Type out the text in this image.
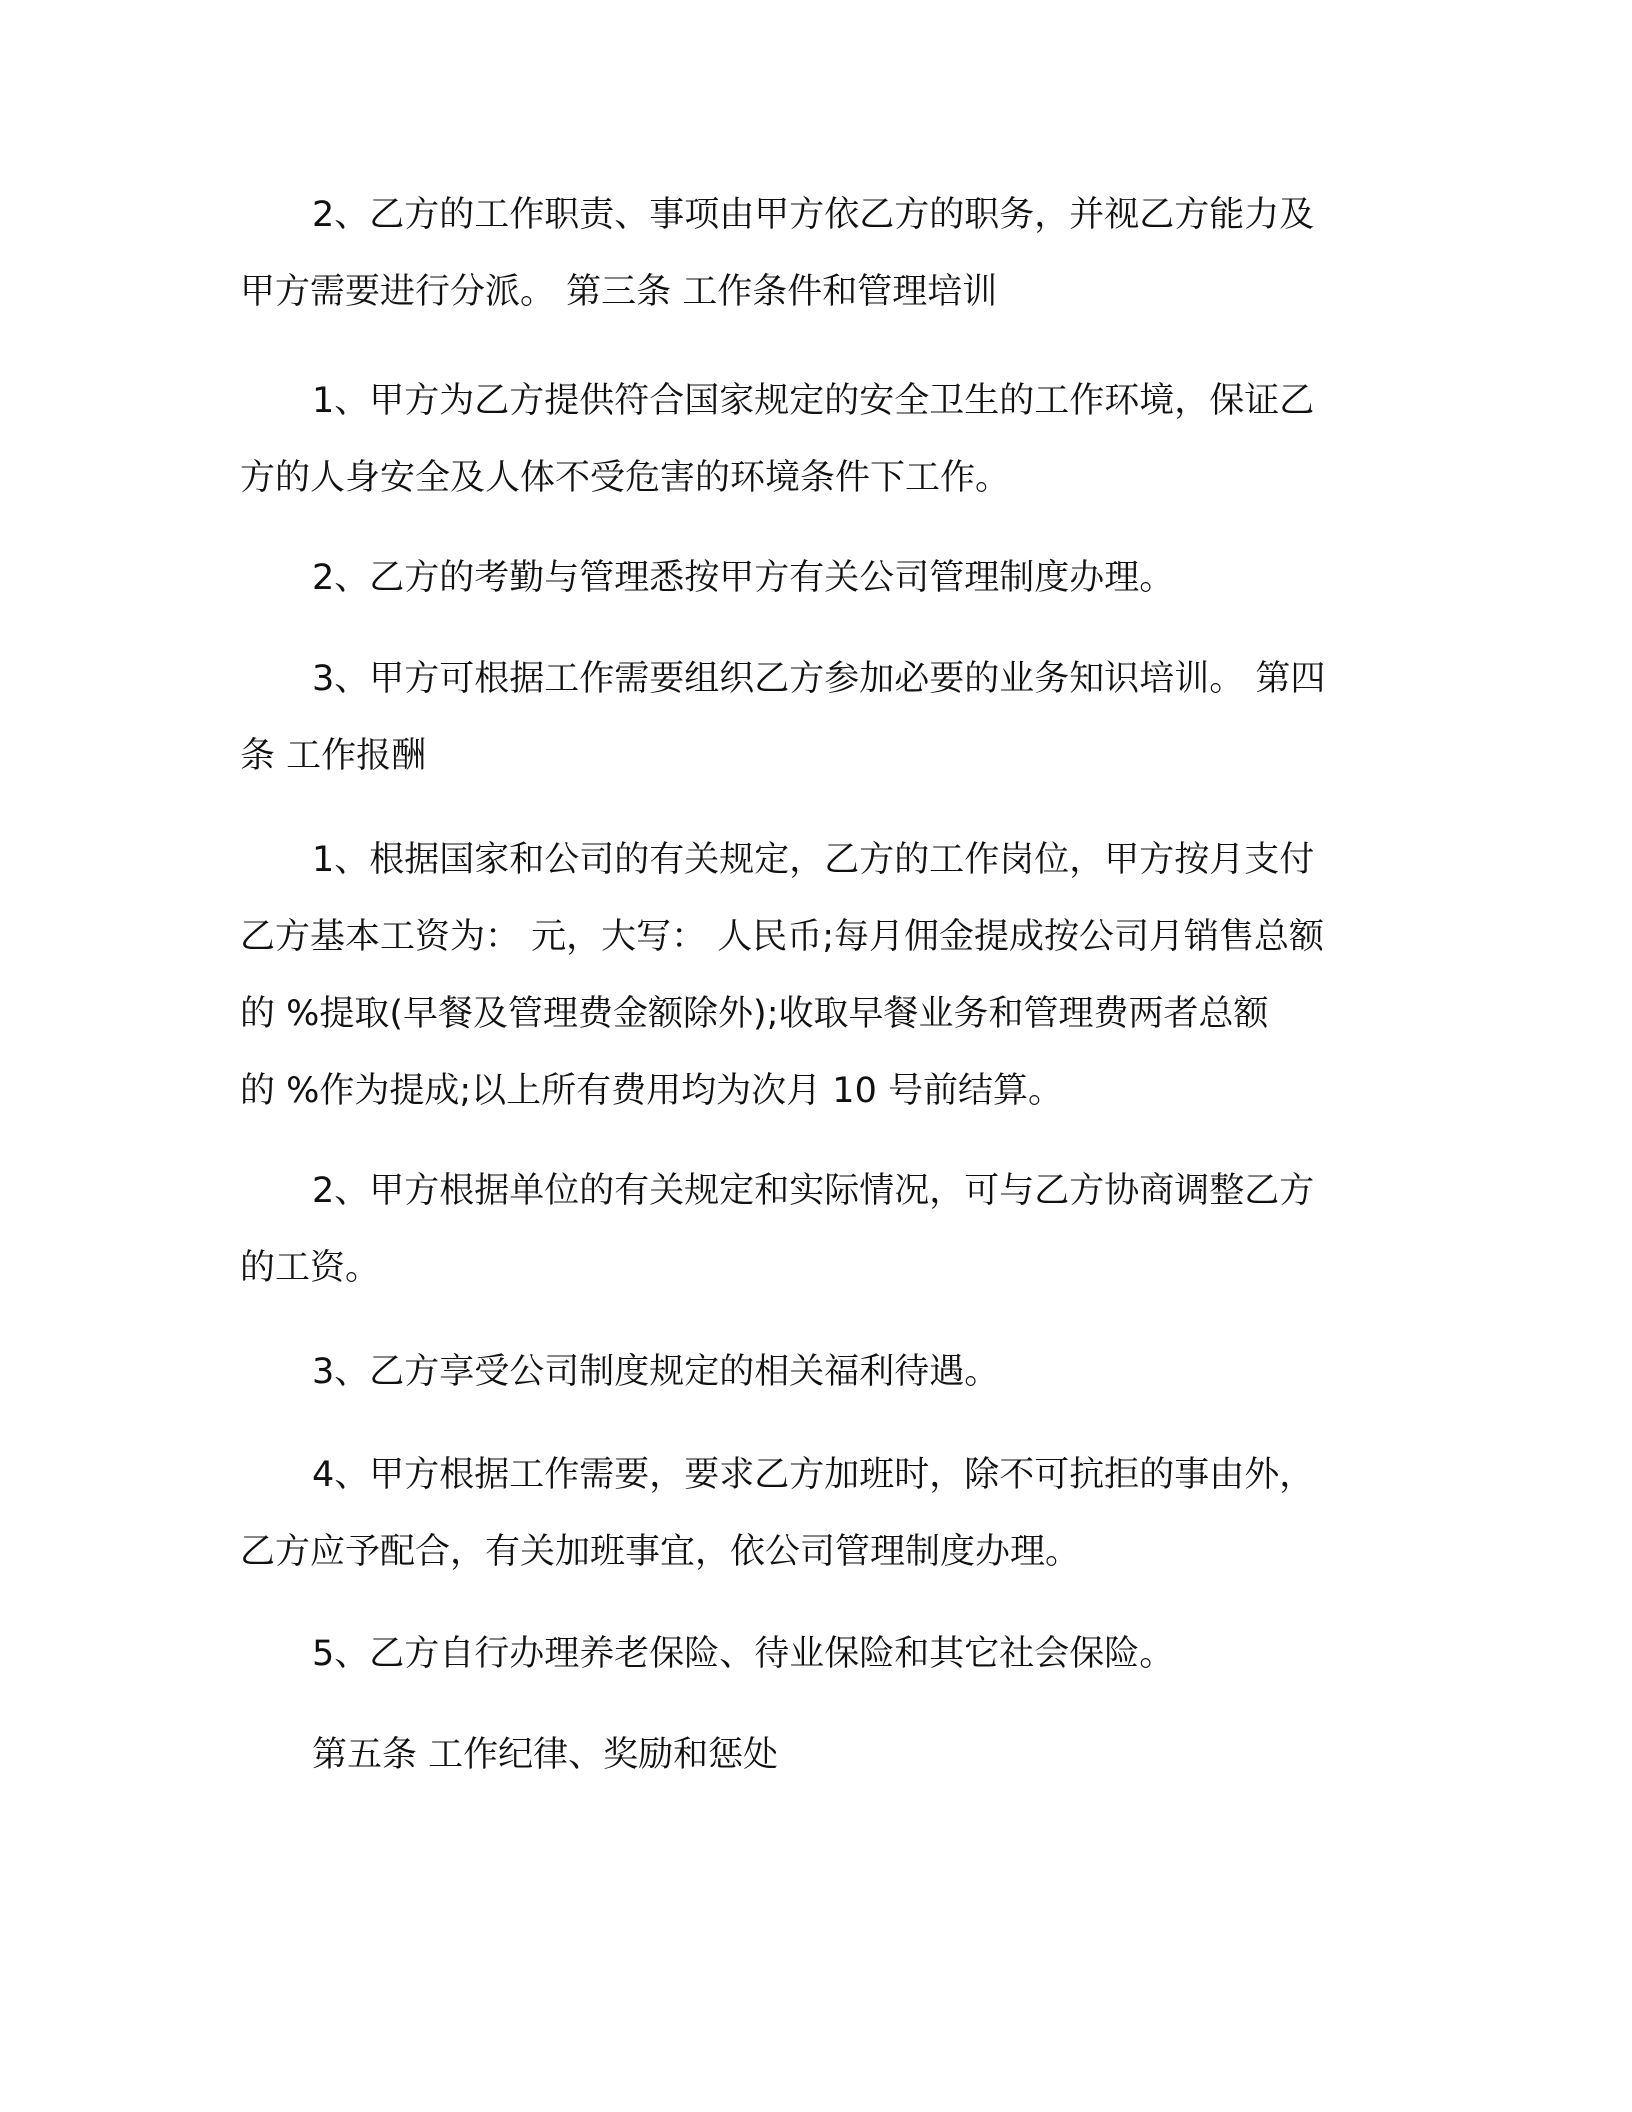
2、乙方的工作职责、事项由甲方依乙方的职务，并视乙方能力及
甲方需要进行分派。 第三条 工作条件和管理培训
1、甲方为乙方提供符合国家规定的安全卫生的工作环境，保证乙
方的人身安全及人体不受危害的环境条件下工作。
2、乙方的考勤与管理悉按甲方有关公司管理制度办理。
3、甲方可根据工作需要组织乙方参加必要的业务知识培训。 第四
条 工作报酬
1、根据国家和公司的有关规定，乙方的工作岗位，甲方按月支付
乙方基本工资为： 元，大写： 人民币;每月佣金提成按公司月销售总额
的 %提取(早餐及管理费金额除外);收取早餐业务和管理费两者总额
的 %作为提成;以上所有费用均为次月 10 号前结算。
2、甲方根据单位的有关规定和实际情况，可与乙方协商调整乙方
的工资。
3、乙方享受公司制度规定的相关福利待遇。
4、甲方根据工作需要，要求乙方加班时，除不可抗拒的事由外，
乙方应予配合，有关加班事宜，依公司管理制度办理。
5、乙方自行办理养老保险、待业保险和其它社会保险。
第五条 工作纪律、奖励和惩处
